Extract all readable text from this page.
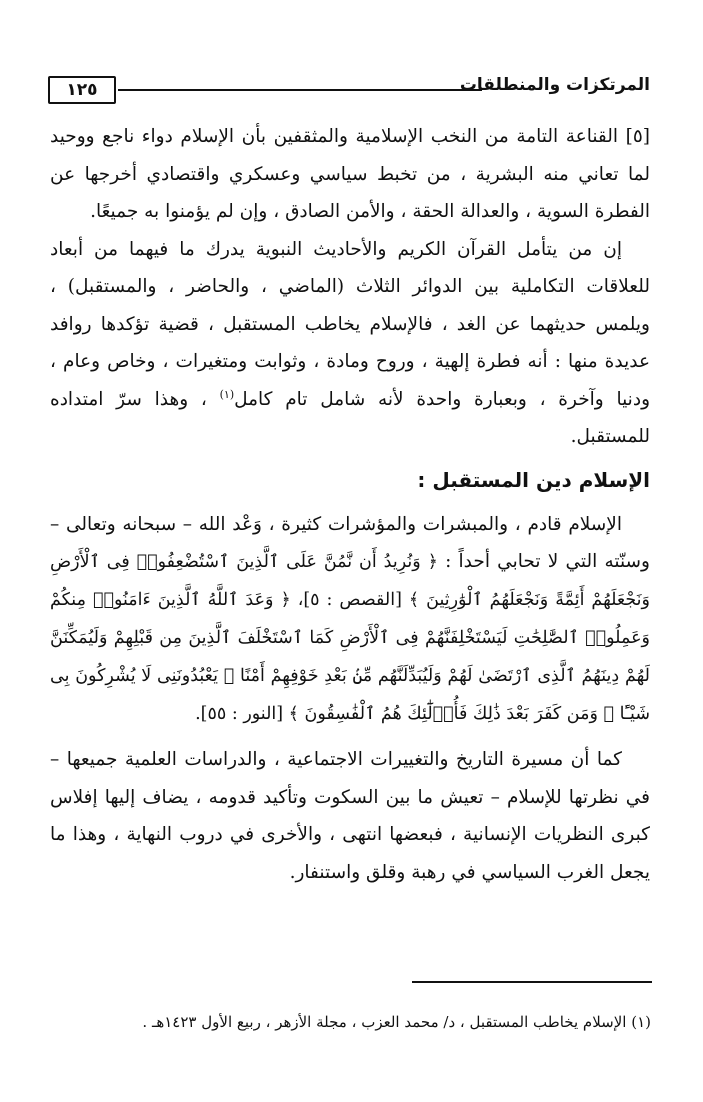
١٢٥	المرتكزات والمنطلقات

[٥] القناعة التامة من النخب الإسلامية والمثقفين بأن الإسلام دواء ناجع ووحيد لما تعاني منه البشرية ، من تخبط سياسي وعسكري واقتصادي أخرجها عن الفطرة السوية ، والعدالة الحقة ، والأمن الصادق ، وإن لم يؤمنوا به جميعًا.

إن من يتأمل القرآن الكريم والأحاديث النبوية يدرك ما فيهما من أبعاد للعلاقات التكاملية بين الدوائر الثلاث (الماضي ، والحاضر ، والمستقبل) ، ويلمس حديثهما عن الغد ، فالإسلام يخاطب المستقبل ، قضية تؤكدها روافد عديدة منها : أنه فطرة إلهية ، وروح ومادة ، وثوابت ومتغيرات ، وخاص وعام ، ودنيا وآخرة ، وبعبارة واحدة لأنه شامل تام كامل$^{(١)}$ ، وهذا سرّ امتداده للمستقبل.

الإسلام دين المستقبل :

الإسلام قادم ، والمبشرات والمؤشرات كثيرة ، وَعْد الله – سبحانه وتعالى – وسنّته التي لا تحابي أحداً : ﴿ وَنُرِيدُ أَن نَّمُنَّ عَلَى ٱلَّذِينَ ٱسْتُضْعِفُوا۟ فِى ٱلْأَرْضِ وَنَجْعَلَهُمْ أَئِمَّةً وَنَجْعَلَهُمُ ٱلْوَٰرِثِينَ ﴾ [القصص : ٥]، ﴿ وَعَدَ ٱللَّهُ ٱلَّذِينَ ءَامَنُوا۟ مِنكُمْ وَعَمِلُوا۟ ٱلصَّٰلِحَٰتِ لَيَسْتَخْلِفَنَّهُمْ فِى ٱلْأَرْضِ كَمَا ٱسْتَخْلَفَ ٱلَّذِينَ مِن قَبْلِهِمْ وَلَيُمَكِّنَنَّ لَهُمْ دِينَهُمُ ٱلَّذِى ٱرْتَضَىٰ لَهُمْ وَلَيُبَدِّلَنَّهُم مِّنۢ بَعْدِ خَوْفِهِمْ أَمْنًا ۚ يَعْبُدُونَنِى لَا يُشْرِكُونَ بِى شَيْـًٔا ۚ وَمَن كَفَرَ بَعْدَ ذَٰلِكَ فَأُو۟لَٰٓئِكَ هُمُ ٱلْفَٰسِقُونَ ﴾ [النور : ٥٥].

كما أن مسيرة التاريخ والتغييرات الاجتماعية ، والدراسات العلمية جميعها – في نظرتها للإسلام – تعيش ما بين السكوت وتأكيد قدومه ، يضاف إليها إفلاس كبرى النظريات الإنسانية ، فبعضها انتهى ، والأخرى في دروب النهاية ، وهذا ما يجعل الغرب السياسي في رهبة وقلق واستنفار.

(١) الإسلام يخاطب المستقبل ، د/ محمد العزب ، مجلة الأزهر ، ربيع الأول ١٤٢٣هـ .
